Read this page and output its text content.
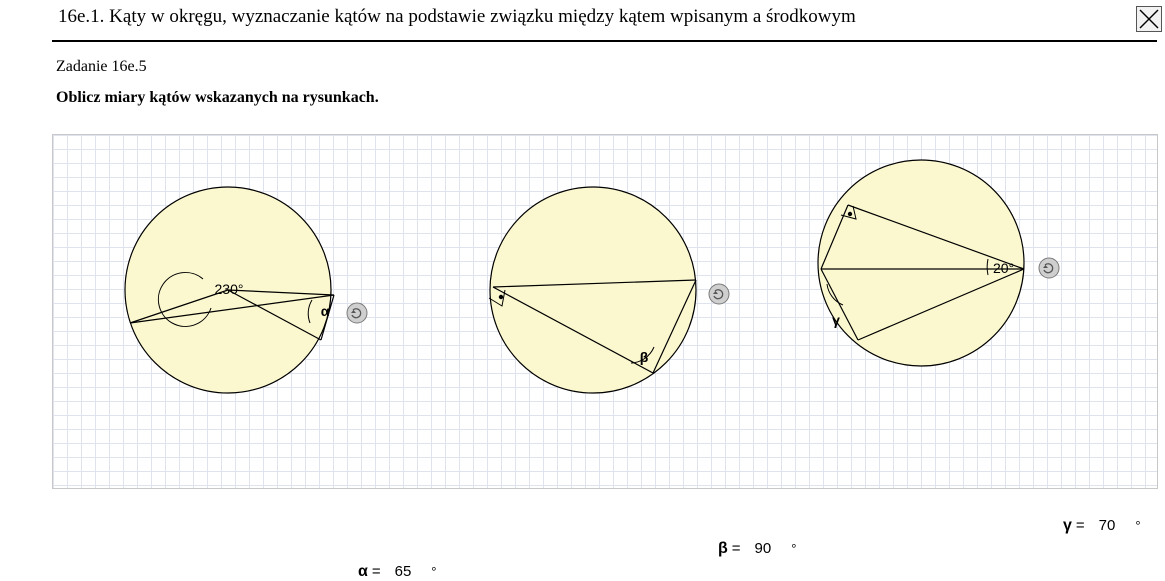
16e.1. Kąty w okręgu, wyznaczanie kątów na podstawie związku między kątem wpisanym a środkowym
Zadanie 16e.5
Oblicz miary kątów wskazanych na rysunkach.
230°
α
β
20°
γ
α = 65 °
β = 90 °
γ = 70 °
